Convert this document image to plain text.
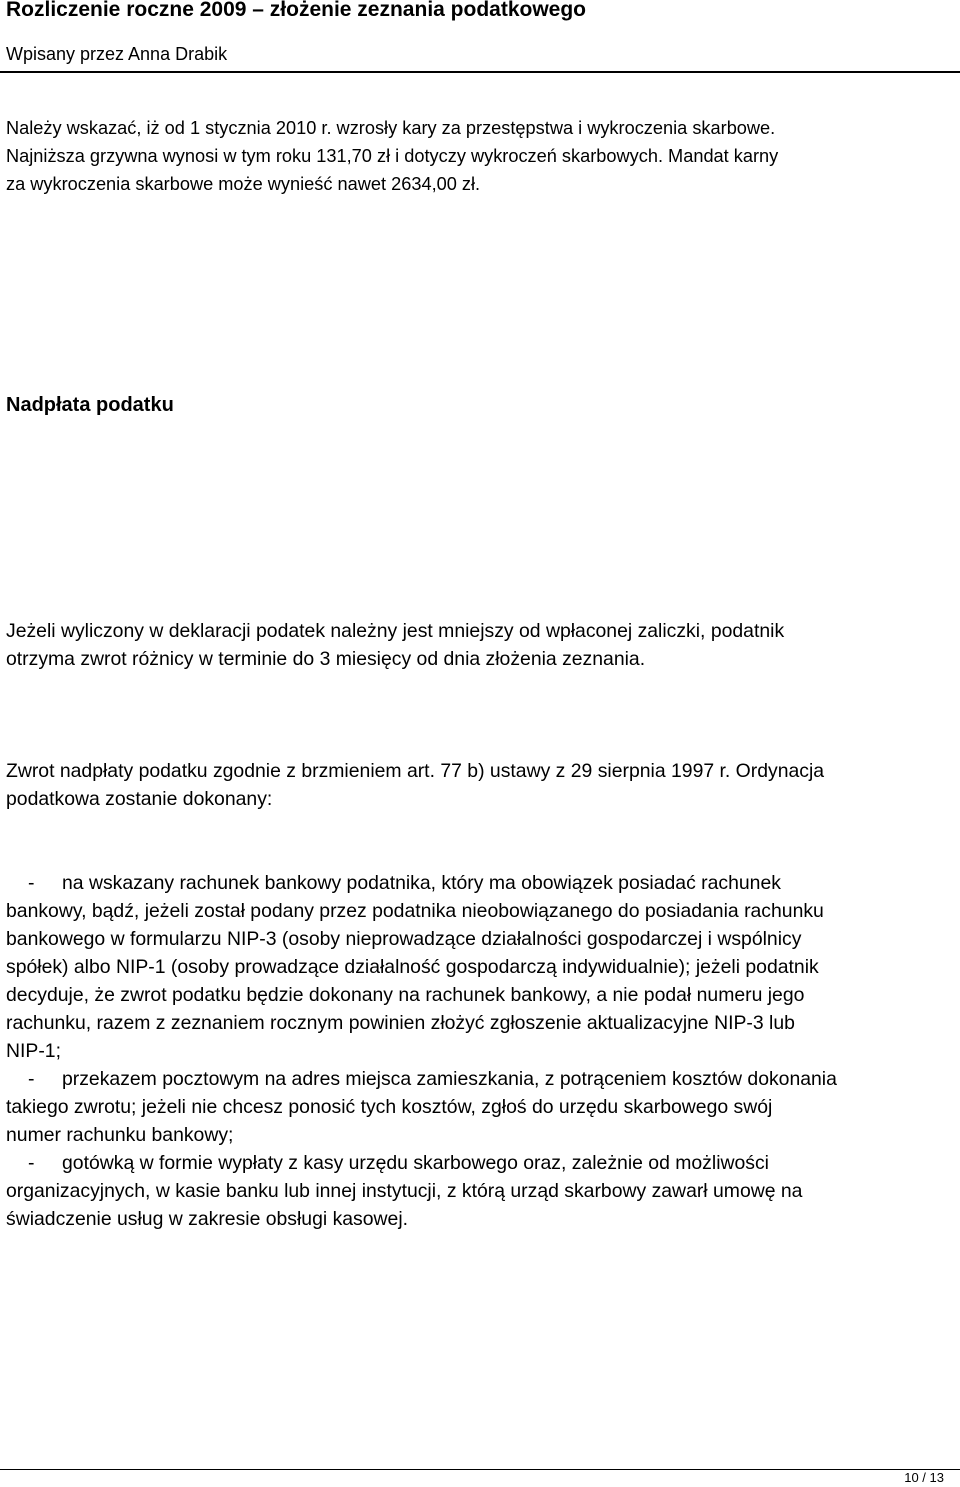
Rozliczenie roczne 2009 – złożenie zeznania podatkowego
Wpisany przez Anna Drabik

Należy wskazać, iż od 1 stycznia 2010 r. wzrosły kary za przestępstwa i wykroczenia skarbowe.
Najniższa grzywna wynosi w tym roku 131,70 zł i dotyczy wykroczeń skarbowych. Mandat karny
za wykroczenia skarbowe może wynieść nawet 2634,00 zł.

Nadpłata podatku

Jeżeli wyliczony w deklaracji podatek należny jest mniejszy od wpłaconej zaliczki, podatnik
otrzyma zwrot różnicy w terminie do 3 miesięcy od dnia złożenia zeznania.

Zwrot nadpłaty podatku zgodnie z brzmieniem art. 77 b) ustawy z 29 sierpnia 1997 r. Ordynacja
podatkowa zostanie dokonany:

- na wskazany rachunek bankowy podatnika, który ma obowiązek posiadać rachunek
bankowy, bądź, jeżeli został podany przez podatnika nieobowiązanego do posiadania rachunku
bankowego w formularzu NIP-3 (osoby nieprowadzące działalności gospodarczej i wspólnicy
spółek) albo NIP-1 (osoby prowadzące działalność gospodarczą indywidualnie); jeżeli podatnik
decyduje, że zwrot podatku będzie dokonany na rachunek bankowy, a nie podał numeru jego
rachunku, razem z zeznaniem rocznym powinien złożyć zgłoszenie aktualizacyjne NIP-3 lub
NIP-1;
- przekazem pocztowym na adres miejsca zamieszkania, z potrąceniem kosztów dokonania
takiego zwrotu; jeżeli nie chcesz ponosić tych kosztów, zgłoś do urzędu skarbowego swój
numer rachunku bankowy;
- gotówką w formie wypłaty z kasy urzędu skarbowego oraz, zależnie od możliwości
organizacyjnych, w kasie banku lub innej instytucji, z którą urząd skarbowy zawarł umowę na
świadczenie usług w zakresie obsługi kasowej.

10 / 13
